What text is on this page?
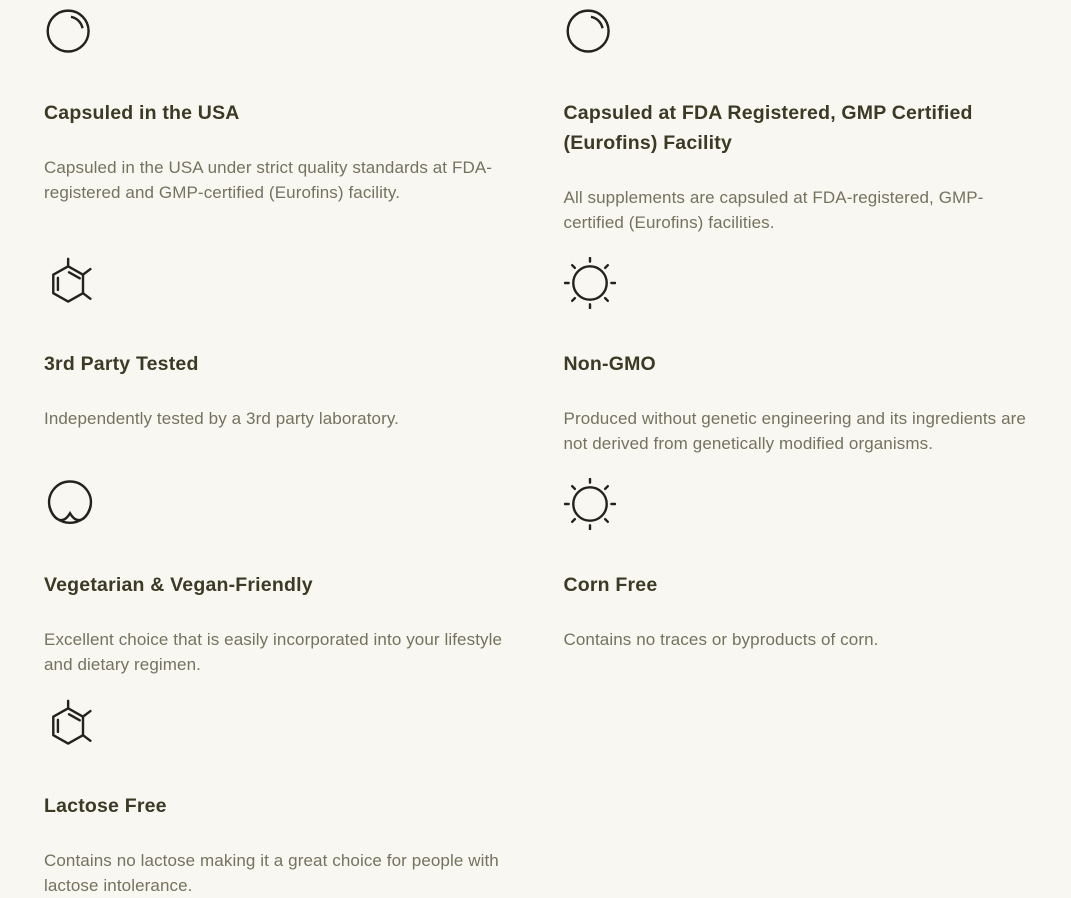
Capsuled in the USA

Capsuled in the USA under strict quality standards at FDA-registered and GMP-certified (Eurofins) facility.

Capsuled at FDA Registered, GMP Certified (Eurofins) Facility

All supplements are capsuled at FDA-registered, GMP-certified (Eurofins) facilities.

3rd Party Tested

Independently tested by a 3rd party laboratory.

Non-GMO

Produced without genetic engineering and its ingredients are not derived from genetically modified organisms.

Vegetarian & Vegan-Friendly

Excellent choice that is easily incorporated into your lifestyle and dietary regimen.

Corn Free

Contains no traces or byproducts of corn.

Lactose Free

Contains no lactose making it a great choice for people with lactose intolerance.
